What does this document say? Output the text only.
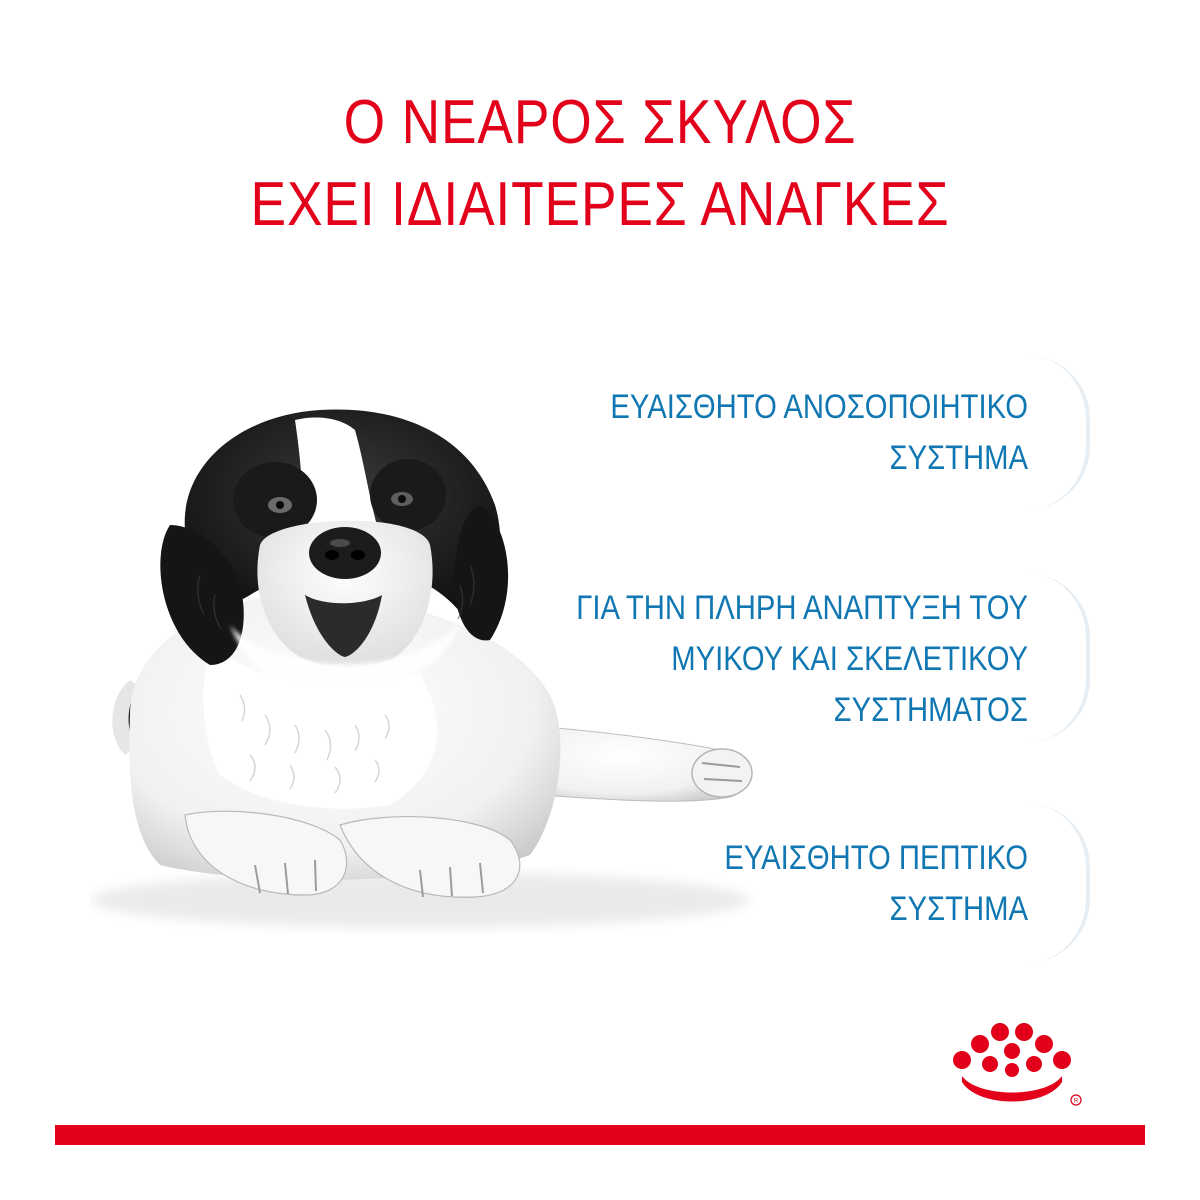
Ο ΝΕΑΡΟΣ ΣΚΥΛΟΣ
ΕΧΕΙ ΙΔΙΑΙΤΕΡΕΣ ΑΝΑΓΚΕΣ
ΕΥΑΙΣΘΗΤΟ ΑΝΟΣΟΠΟΙΗΤΙΚΟ
ΣΥΣΤΗΜΑ
ΓΙΑ ΤΗΝ ΠΛΗΡΗ ΑΝΑΠΤΥΞΗ ΤΟΥ
ΜΥΙΚΟΥ ΚΑΙ ΣΚΕΛΕΤΙΚΟΥ
ΣΥΣΤΗΜΑΤΟΣ
ΕΥΑΙΣΘΗΤΟ ΠΕΠΤΙΚΟ
ΣΥΣΤΗΜΑ
R
